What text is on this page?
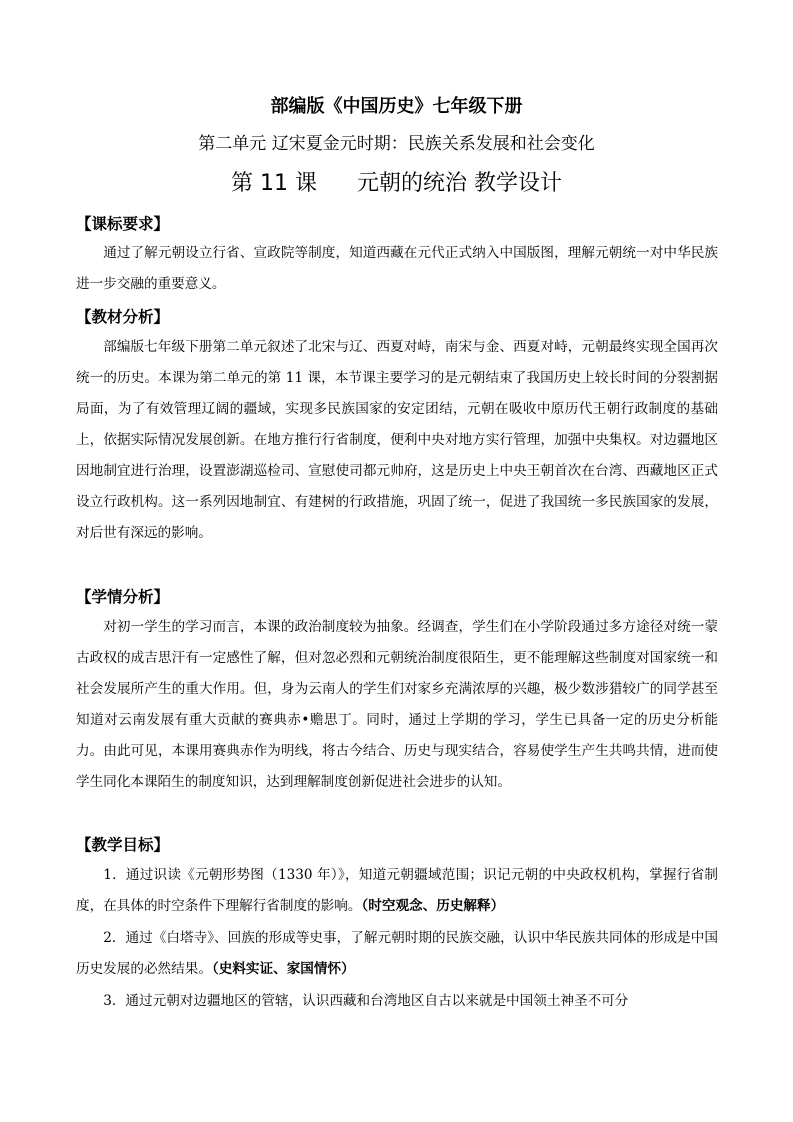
部编版《中国历史》七年级下册
第二单元 辽宋夏金元时期：民族关系发展和社会变化
第 11 课 元朝的统治 教学设计
【课标要求】

通过了解元朝设立行省、宣政院等制度，知道西藏在元代正式纳入中国版图，理解元朝统一对中华民族进一步交融的重要意义。

【教材分析】

部编版七年级下册第二单元叙述了北宋与辽、西夏对峙，南宋与金、西夏对峙，元朝最终实现全国再次统一的历史。本课为第二单元的第 11 课，本节课主要学习的是元朝结束了我国历史上较长时间的分裂割据局面，为了有效管理辽阔的疆域，实现多民族国家的安定团结，元朝在吸收中原历代王朝行政制度的基础上，依据实际情况发展创新。在地方推行行省制度，便利中央对地方实行管理，加强中央集权。对边疆地区因地制宜进行治理，设置澎湖巡检司、宣慰使司都元帅府，这是历史上中央王朝首次在台湾、西藏地区正式设立行政机构。这一系列因地制宜、有建树的行政措施，巩固了统一，促进了我国统一多民族国家的发展，对后世有深远的影响。

【学情分析】

对初一学生的学习而言，本课的政治制度较为抽象。经调查，学生们在小学阶段通过多方途径对统一蒙古政权的成吉思汗有一定感性了解，但对忽必烈和元朝统治制度很陌生，更不能理解这些制度对国家统一和社会发展所产生的重大作用。但，身为云南人的学生们对家乡充满浓厚的兴趣，极少数涉猎较广的同学甚至知道对云南发展有重大贡献的赛典赤•赡思丁。同时，通过上学期的学习，学生已具备一定的历史分析能力。由此可见，本课用赛典赤作为明线，将古今结合、历史与现实结合，容易使学生产生共鸣共情，进而使学生同化本课陌生的制度知识，达到理解制度创新促进社会进步的认知。

【教学目标】

1．通过识读《元朝形势图（1330 年）》，知道元朝疆域范围；识记元朝的中央政权机构，掌握行省制度，在具体的时空条件下理解行省制度的影响。（时空观念、历史解释）

2．通过《白塔寺》、回族的形成等史事，了解元朝时期的民族交融，认识中华民族共同体的形成是中国历史发展的必然结果。（史料实证、家国情怀）

3．通过元朝对边疆地区的管辖，认识西藏和台湾地区自古以来就是中国领土神圣不可分
